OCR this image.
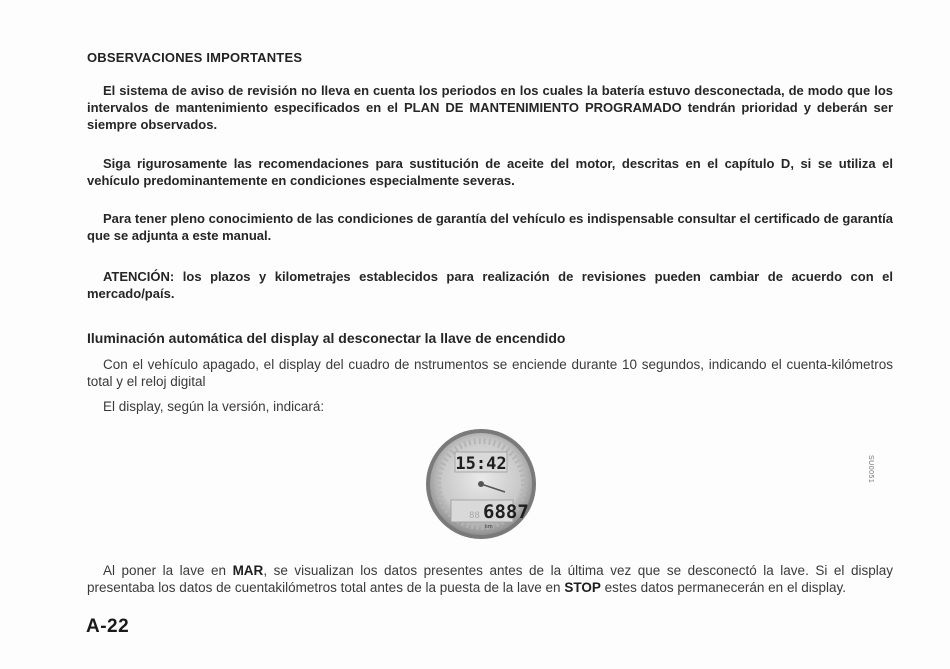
OBSERVACIONES IMPORTANTES
El sistema de aviso de revisión no lleva en cuenta los periodos en los cuales la batería estuvo desconectada, de modo que los intervalos de mantenimiento especificados en el PLAN DE MANTENIMIENTO PROGRAMADO tendrán prioridad y deberán ser siempre observados.
Siga rigurosamente las recomendaciones para sustitución de aceite del motor, descritas en el capítulo D, si se utiliza el vehículo predominantemente en condiciones especialmente severas.
Para tener pleno conocimiento de las condiciones de garantía del vehículo es indispensable consultar el certificado de garantía que se adjunta a este manual.
ATENCIÓN: los plazos y kilometrajes establecidos para realización de revisiones pueden cambiar de acuerdo con el mercado/país.
Iluminación automática del display al desconectar la llave de encendido
Con el vehículo apagado, el display del cuadro de nstrumentos se enciende durante 10 segundos, indicando el cuenta-kilómetros total y el reloj digital
El display, según la versión, indicará:
15:42
88 6887
km
SU0051
Al poner la lave en MAR, se visualizan los datos presentes antes de la última vez que se desconectó la lave. Si el display presentaba los datos de cuentakilómetros total antes de la puesta de la lave en STOP estes datos permanecerán en el display.
A-22
